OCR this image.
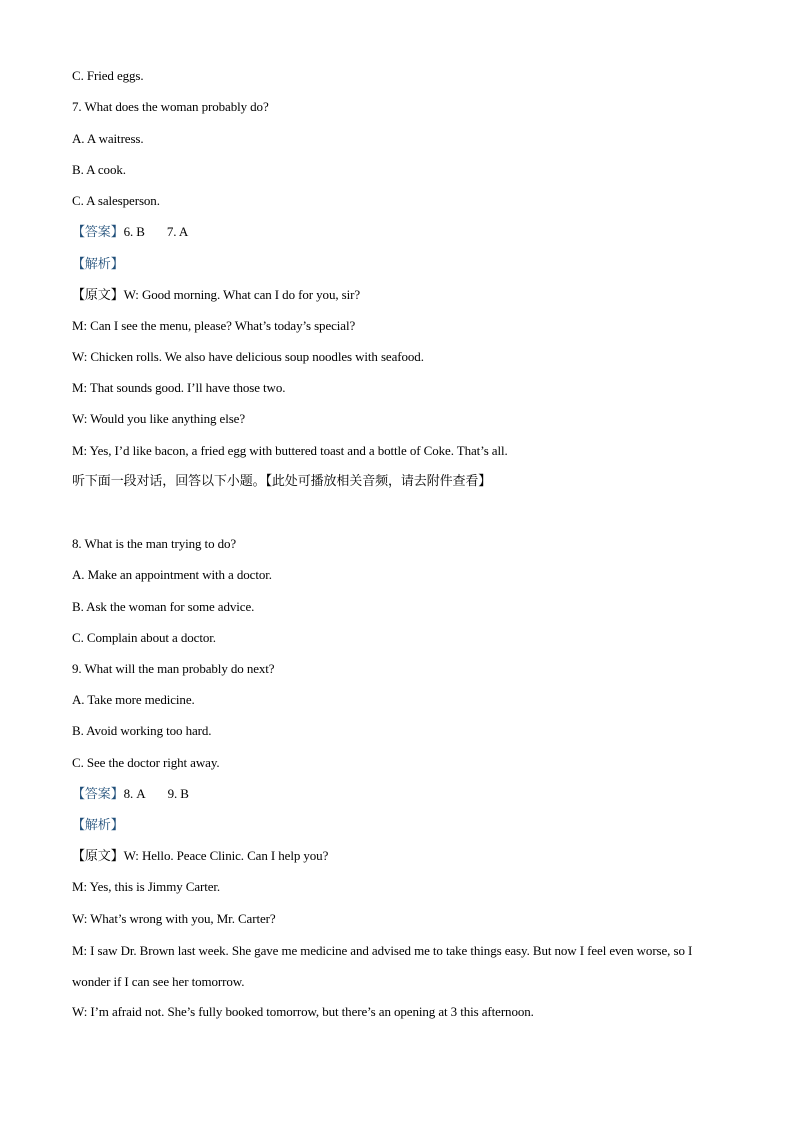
C. Fried eggs.
7. What does the woman probably do?
A. A waitress.
B. A cook.
C. A salesperson.
【答案】6. B 7. A
【解析】
【原文】W: Good morning. What can I do for you, sir?
M: Can I see the menu, please? What’s today’s special?
W: Chicken rolls. We also have delicious soup noodles with seafood.
M: That sounds good. I’ll have those two.
W: Would you like anything else?
M: Yes, I’d like bacon, a fried egg with buttered toast and a bottle of Coke. That’s all.
听下面一段对话，回答以下小题。【此处可播放相关音频，请去附件查看】
8. What is the man trying to do?
A. Make an appointment with a doctor.
B. Ask the woman for some advice.
C. Complain about a doctor.
9. What will the man probably do next?
A. Take more medicine.
B. Avoid working too hard.
C. See the doctor right away.
【答案】8. A 9. B
【解析】
【原文】W: Hello. Peace Clinic. Can I help you?
M: Yes, this is Jimmy Carter.
W: What’s wrong with you, Mr. Carter?
M: I saw Dr. Brown last week. She gave me medicine and advised me to take things easy. But now I feel even worse, so I wonder if I can see her tomorrow.
W: I’m afraid not. She’s fully booked tomorrow, but there’s an opening at 3 this afternoon.
